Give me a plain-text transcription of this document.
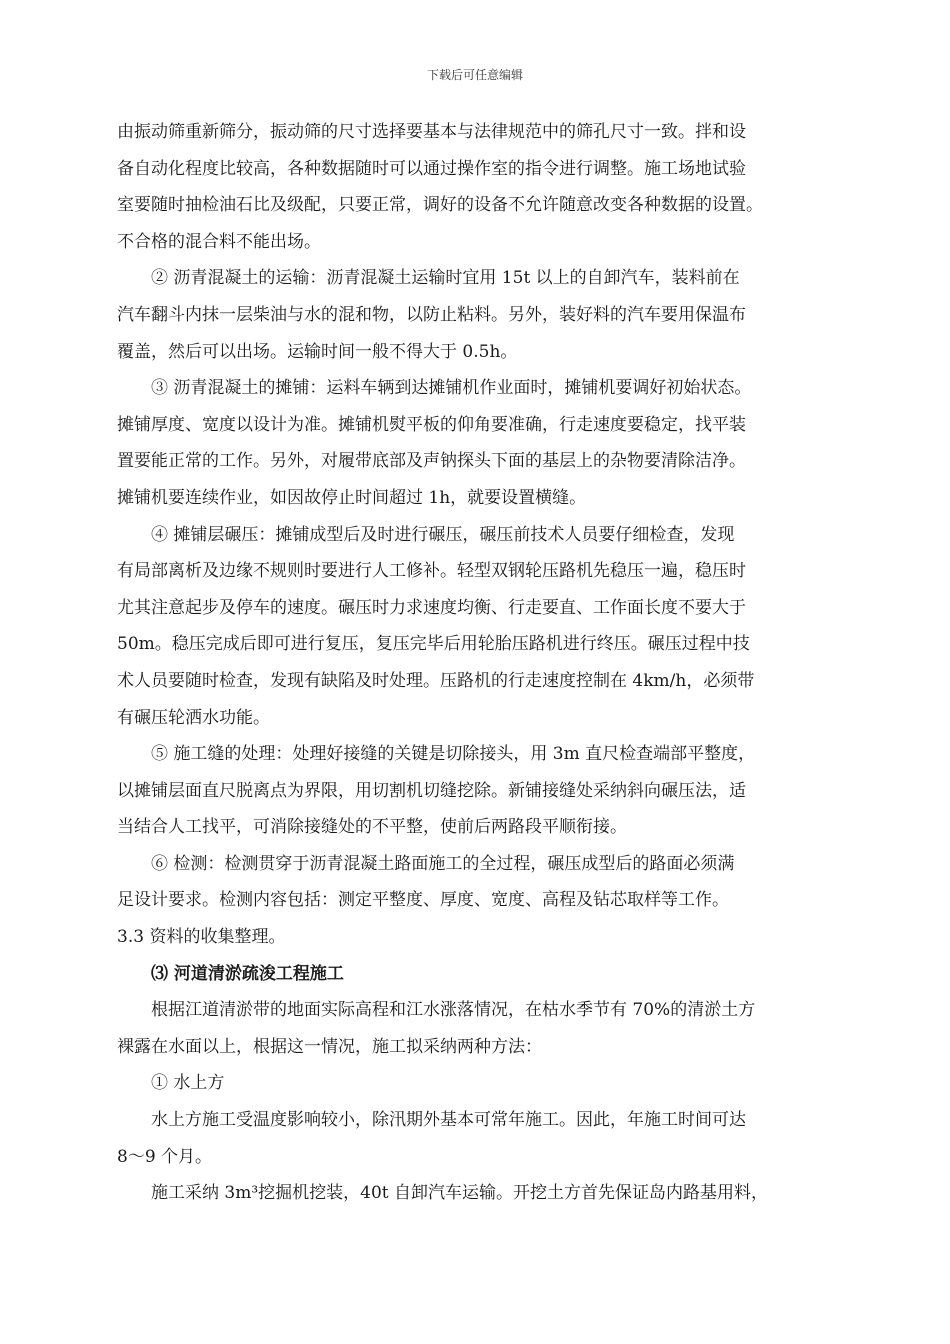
下载后可任意编辑
由振动筛重新筛分，振动筛的尺寸选择要基本与法律规范中的筛孔尺寸一致。拌和设
备自动化程度比较高，各种数据随时可以通过操作室的指令进行调整。施工场地试验
室要随时抽检油石比及级配，只要正常，调好的设备不允许随意改变各种数据的设置。
不合格的混合料不能出场。
② 沥青混凝土的运输：沥青混凝土运输时宜用 15t 以上的自卸汽车，装料前在
汽车翻斗内抹一层柴油与水的混和物，以防止粘料。另外，装好料的汽车要用保温布
覆盖，然后可以出场。运输时间一般不得大于 0.5h。
③ 沥青混凝土的摊铺：运料车辆到达摊铺机作业面时，摊铺机要调好初始状态。
摊铺厚度、宽度以设计为准。摊铺机熨平板的仰角要准确，行走速度要稳定，找平装
置要能正常的工作。另外，对履带底部及声钠探头下面的基层上的杂物要清除洁净。
摊铺机要连续作业，如因故停止时间超过 1h，就要设置横缝。
④ 摊铺层碾压：摊铺成型后及时进行碾压，碾压前技术人员要仔细检查，发现
有局部离析及边缘不规则时要进行人工修补。轻型双钢轮压路机先稳压一遍，稳压时
尤其注意起步及停车的速度。碾压时力求速度均衡、行走要直、工作面长度不要大于
50m。稳压完成后即可进行复压，复压完毕后用轮胎压路机进行终压。碾压过程中技
术人员要随时检查，发现有缺陷及时处理。压路机的行走速度控制在 4km/h，必须带
有碾压轮洒水功能。
⑤ 施工缝的处理：处理好接缝的关键是切除接头，用 3m 直尺检查端部平整度，
以摊铺层面直尺脱离点为界限，用切割机切缝挖除。新铺接缝处采纳斜向碾压法，适
当结合人工找平，可消除接缝处的不平整，使前后两路段平顺衔接。
⑥ 检测：检测贯穿于沥青混凝土路面施工的全过程，碾压成型后的路面必须满
足设计要求。检测内容包括：测定平整度、厚度、宽度、高程及钻芯取样等工作。
3.3 资料的收集整理。
⑶ 河道清淤疏浚工程施工
根据江道清淤带的地面实际高程和江水涨落情况，在枯水季节有 70%的清淤土方
裸露在水面以上，根据这一情况，施工拟采纳两种方法：
① 水上方
水上方施工受温度影响较小，除汛期外基本可常年施工。因此，年施工时间可达
8～9 个月。
施工采纳 3m³挖掘机挖装，40t 自卸汽车运输。开挖土方首先保证岛内路基用料，
